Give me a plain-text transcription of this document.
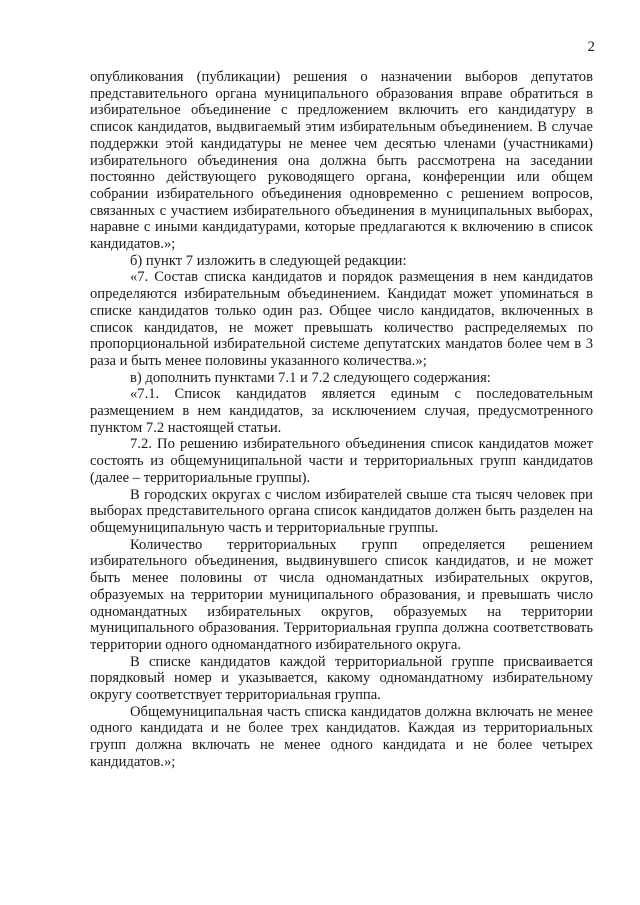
2

опубликования (публикации) решения о назначении выборов депутатов представительного органа муниципального образования вправе обратиться в избирательное объединение с предложением включить его кандидатуру в список кандидатов, выдвигаемый этим избирательным объединением. В случае поддержки этой кандидатуры не менее чем десятью членами (участниками) избирательного объединения она должна быть рассмотрена на заседании постоянно действующего руководящего органа, конференции или общем собрании избирательного объединения одновременно с решением вопросов, связанных с участием избирательного объединения в муниципальных выборах, наравне с иными кандидатурами, которые предлагаются к включению в список кандидатов.»;

б) пункт 7 изложить в следующей редакции:

«7. Состав списка кандидатов и порядок размещения в нем кандидатов определяются избирательным объединением. Кандидат может упоминаться в списке кандидатов только один раз. Общее число кандидатов, включенных в список кандидатов, не может превышать количество распределяемых по пропорциональной избирательной системе депутатских мандатов более чем в 3 раза и быть менее половины указанного количества.»;

в) дополнить пунктами 7.1 и 7.2 следующего содержания:

«7.1. Список кандидатов является единым с последовательным размещением в нем кандидатов, за исключением случая, предусмотренного пунктом 7.2 настоящей статьи.

7.2. По решению избирательного объединения список кандидатов может состоять из общемуниципальной части и территориальных групп кандидатов (далее – территориальные группы).

В городских округах с числом избирателей свыше ста тысяч человек при выборах представительного органа список кандидатов должен быть разделен на общемуниципальную часть и территориальные группы.

Количество территориальных групп определяется решением избирательного объединения, выдвинувшего список кандидатов, и не может быть менее половины от числа одномандатных избирательных округов, образуемых на территории муниципального образования, и превышать число одномандатных избирательных округов, образуемых на территории муниципального образования. Территориальная группа должна соответствовать территории одного одномандатного избирательного округа.

В списке кандидатов каждой территориальной группе присваивается порядковый номер и указывается, какому одномандатному избирательному округу соответствует территориальная группа.

Общемуниципальная часть списка кандидатов должна включать не менее одного кандидата и не более трех кандидатов. Каждая из территориальных групп должна включать не менее одного кандидата и не более четырех кандидатов.»;
